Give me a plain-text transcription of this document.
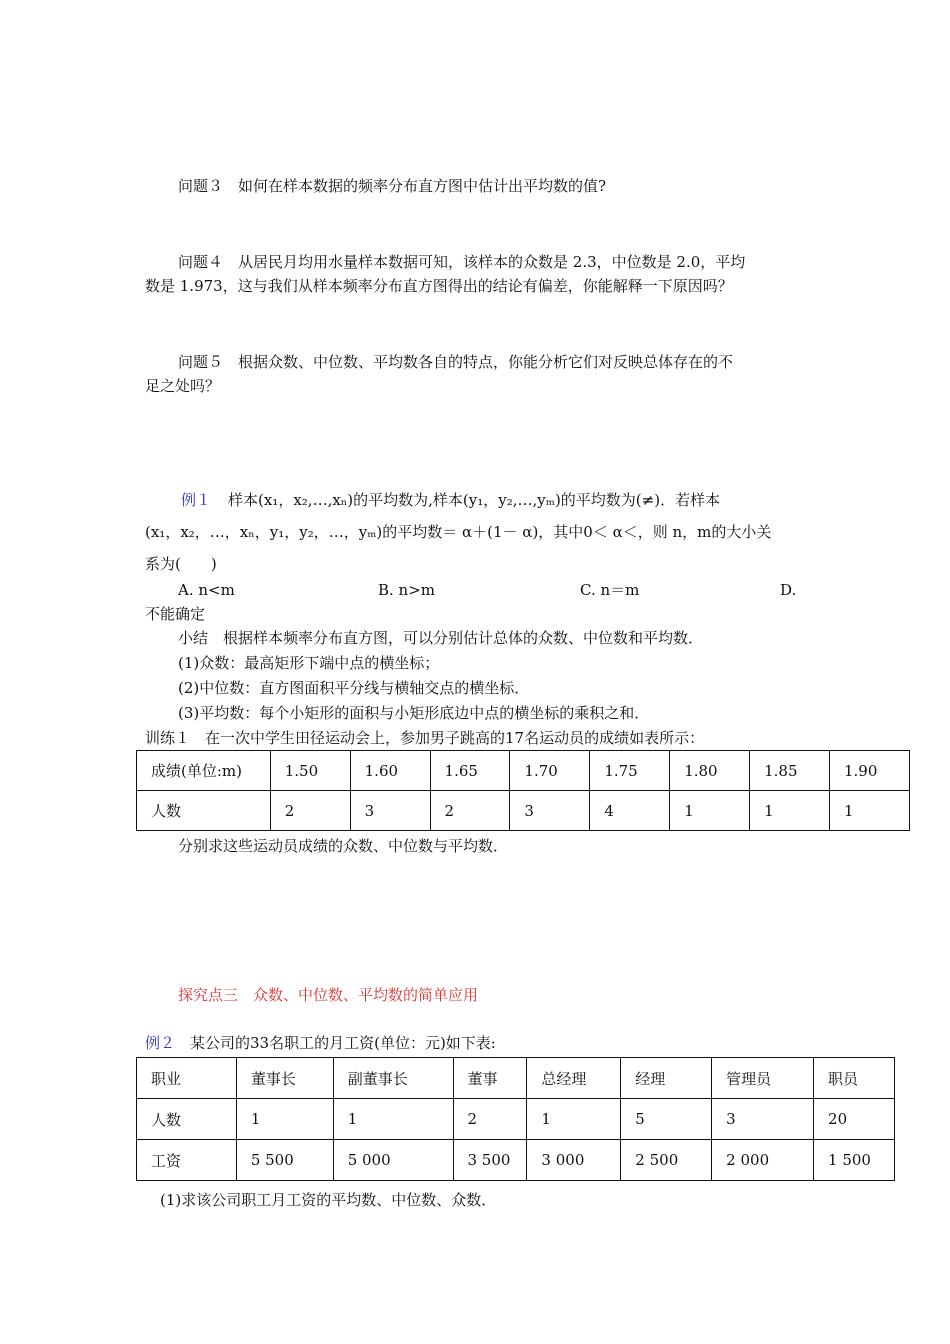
问题３　如何在样本数据的频率分布直方图中估计出平均数的值?
问题４　从居民月均用水量样本数据可知，该样本的众数是 2.3，中位数是 2.0，平均
数是 1.973，这与我们从样本频率分布直方图得出的结论有偏差，你能解释一下原因吗？
问题５　根据众数、中位数、平均数各自的特点，你能分析它们对反映总体存在的不
足之处吗？
例１ 样本(x₁，x₂,…,xₙ)的平均数为,样本(y₁，y₂,…,yₘ)的平均数为(≠)．若样本
(x₁，x₂，…，xₙ，y₁，y₂，…，yₘ)的平均数＝ α＋(1－ α)，其中0＜ α＜，则 n，m的大小关
系为(　　)
A. n<m	B. n>m	C. n＝m	D.
不能确定
小结　根据样本频率分布直方图，可以分别估计总体的众数、中位数和平均数．
(1)众数：最高矩形下端中点的横坐标；
(2)中位数：直方图面积平分线与横轴交点的横坐标．
(3)平均数：每个小矩形的面积与小矩形底边中点的横坐标的乘积之和．
训练１　在一次中学生田径运动会上，参加男子跳高的17名运动员的成绩如表所示：
成绩(单位:m)	1.50	1.60	1.65	1.70	1.75	1.80	1.85	1.90
人数	2	3	2	3	4	1	1	1
分别求这些运动员成绩的众数、中位数与平均数．
探究点三　众数、中位数、平均数的简单应用
例２ 某公司的33名职工的月工资(单位：元)如下表:
职业	董事长	副董事长	董事	总经理	经理	管理员	职员
人数	1	1	2	1	5	3	20
工资	5 500	5 000	3 500	3 000	2 500	2 000	1 500
(1)求该公司职工月工资的平均数、中位数、众数．
